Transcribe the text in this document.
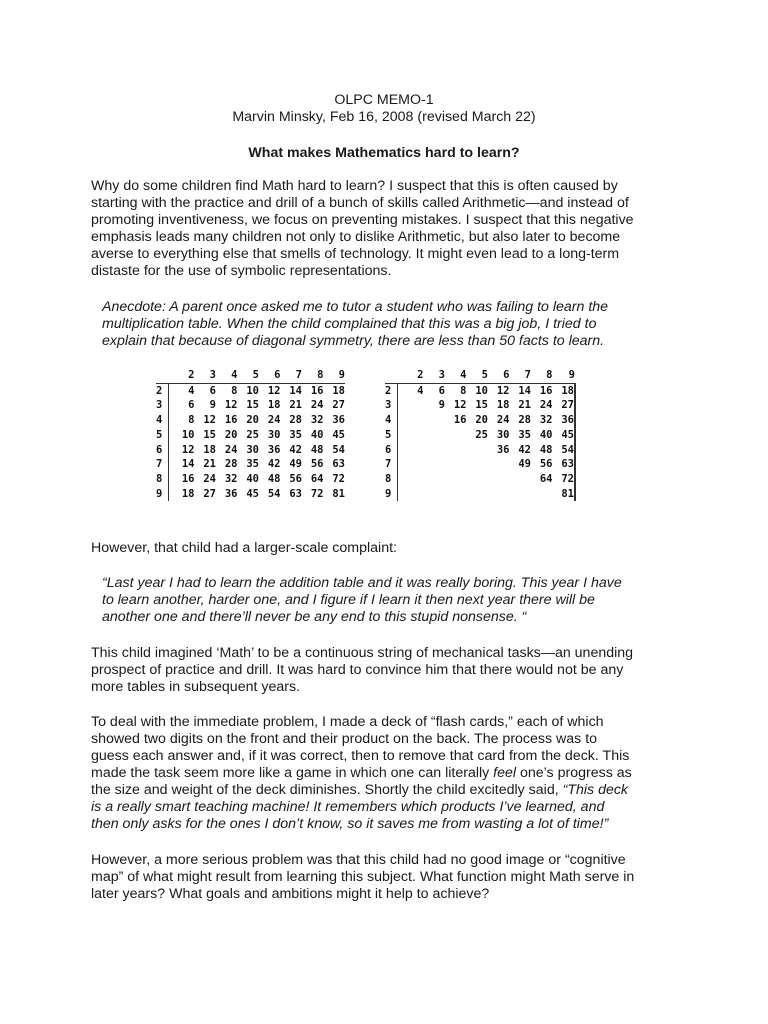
OLPC MEMO-1
Marvin Minsky, Feb 16, 2008 (revised March 22)
What makes Mathematics hard to learn?

Why do some children find Math hard to learn? I suspect that this is often caused by
starting with the practice and drill of a bunch of skills called Arithmetic—and instead of
promoting inventiveness, we focus on preventing mistakes. I suspect that this negative
emphasis leads many children not only to dislike Arithmetic, but also later to become
averse to everything else that smells of technology. It might even lead to a long-term
distaste for the use of symbolic representations.

Anecdote: A parent once asked me to tutor a student who was failing to learn the
multiplication table. When the child complained that this was a big job, I tried to
explain that because of diagonal symmetry, there are less than 50 facts to learn.

		2	3	4	5	6	7	8	9
2		4	6	8	10	12	14	16	18
3		6	9	12	15	18	21	24	27
4		8	12	16	20	24	28	32	36
5		10	15	20	25	30	35	40	45
6		12	18	24	30	36	42	48	54
7		14	21	28	35	42	49	56	63
8		16	24	32	40	48	56	64	72
9		18	27	36	45	54	63	72	81
		2	3	4	5	6	7	8	9
2		4	6	8	10	12	14	16	18
3			9	12	15	18	21	24	27
4				16	20	24	28	32	36
5					25	30	35	40	45
6						36	42	48	54
7							49	56	63
8								64	72
9									81

However, that child had a larger-scale complaint:

“Last year I had to learn the addition table and it was really boring. This year I have
to learn another, harder one, and I figure if I learn it then next year there will be
another one and there’ll never be any end to this stupid nonsense. “

This child imagined ‘Math’ to be a continuous string of mechanical tasks—an unending
prospect of practice and drill. It was hard to convince him that there would not be any
more tables in subsequent years.

To deal with the immediate problem, I made a deck of “flash cards,” each of which
showed two digits on the front and their product on the back. The process was to
guess each answer and, if it was correct, then to remove that card from the deck. This
made the task seem more like a game in which one can literally feel one’s progress as
the size and weight of the deck diminishes. Shortly the child excitedly said, “This deck
is a really smart teaching machine! It remembers which products I’ve learned, and
then only asks for the ones I don’t know, so it saves me from wasting a lot of time!”

However, a more serious problem was that this child had no good image or “cognitive
map” of what might result from learning this subject. What function might Math serve in
later years? What goals and ambitions might it help to achieve?
